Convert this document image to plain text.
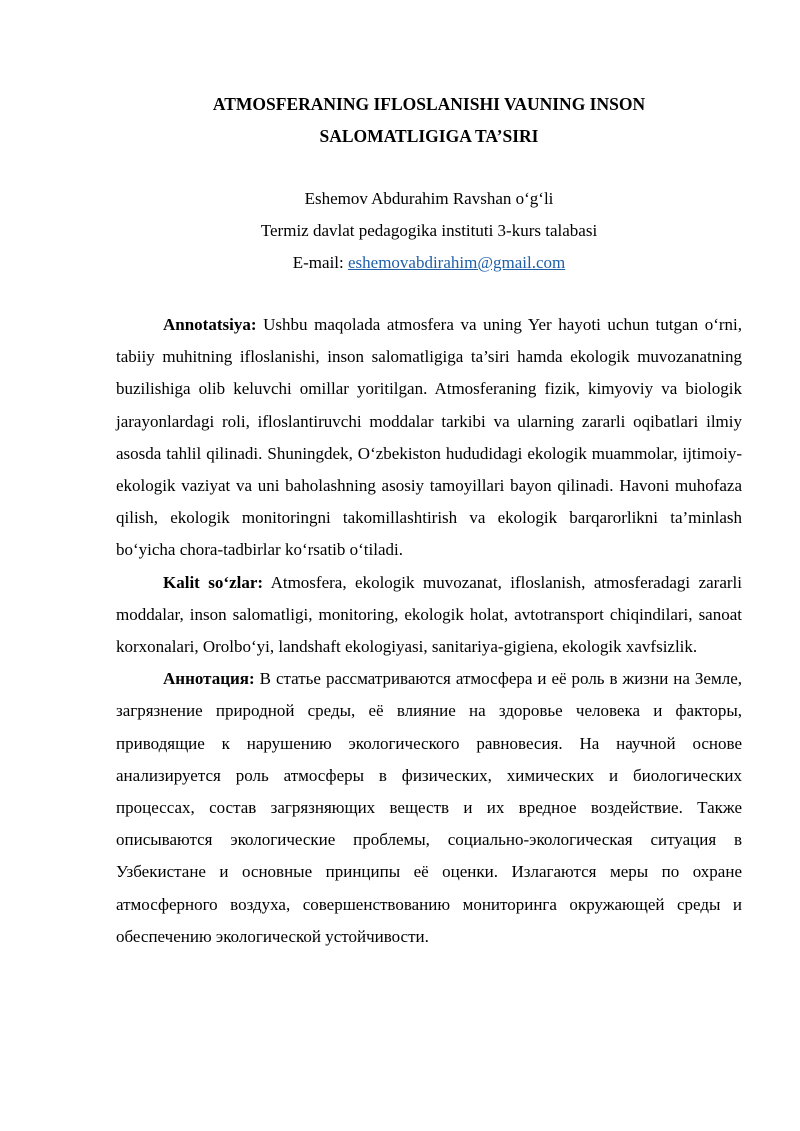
ATMOSFERANING IFLOSLANISHI VAUNING INSON
SALOMATLIGIGA TA’SIRI
Eshemov Abdurahim Ravshan o‘g‘li
Termiz davlat pedagogika instituti 3-kurs talabasi
E-mail: eshemovabdirahim@gmail.com

Annotatsiya: Ushbu maqolada atmosfera va uning Yer hayoti uchun tutgan o‘rni, tabiiy muhitning ifloslanishi, inson salomatligiga ta’siri hamda ekologik muvozanatning buzilishiga olib keluvchi omillar yoritilgan. Atmosferaning fizik, kimyoviy va biologik jarayonlardagi roli, ifloslantiruvchi moddalar tarkibi va ularning zararli oqibatlari ilmiy asosda tahlil qilinadi. Shuningdek, O‘zbekiston hududidagi ekologik muammolar, ijtimoiy-ekologik vaziyat va uni baholashning asosiy tamoyillari bayon qilinadi. Havoni muhofaza qilish, ekologik monitoringni takomillashtirish va ekologik barqarorlikni ta’minlash bo‘yicha chora-tadbirlar ko‘rsatib o‘tiladi.

Kalit so‘zlar: Atmosfera, ekologik muvozanat, ifloslanish, atmosferadagi zararli moddalar, inson salomatligi, monitoring, ekologik holat, avtotransport chiqindilari, sanoat korxonalari, Orolbo‘yi, landshaft ekologiyasi, sanitariya-gigiena, ekologik xavfsizlik.

Аннотация: В статье рассматриваются атмосфера и её роль в жизни на Земле, загрязнение природной среды, её влияние на здоровье человека и факторы, приводящие к нарушению экологического равновесия. На научной основе анализируется роль атмосферы в физических, химических и биологических процессах, состав загрязняющих веществ и их вредное воздействие. Также описываются экологические проблемы, социально-экологическая ситуация в Узбекистане и основные принципы её оценки. Излагаются меры по охране атмосферного воздуха, совершенствованию мониторинга окружающей среды и обеспечению экологической устойчивости.
